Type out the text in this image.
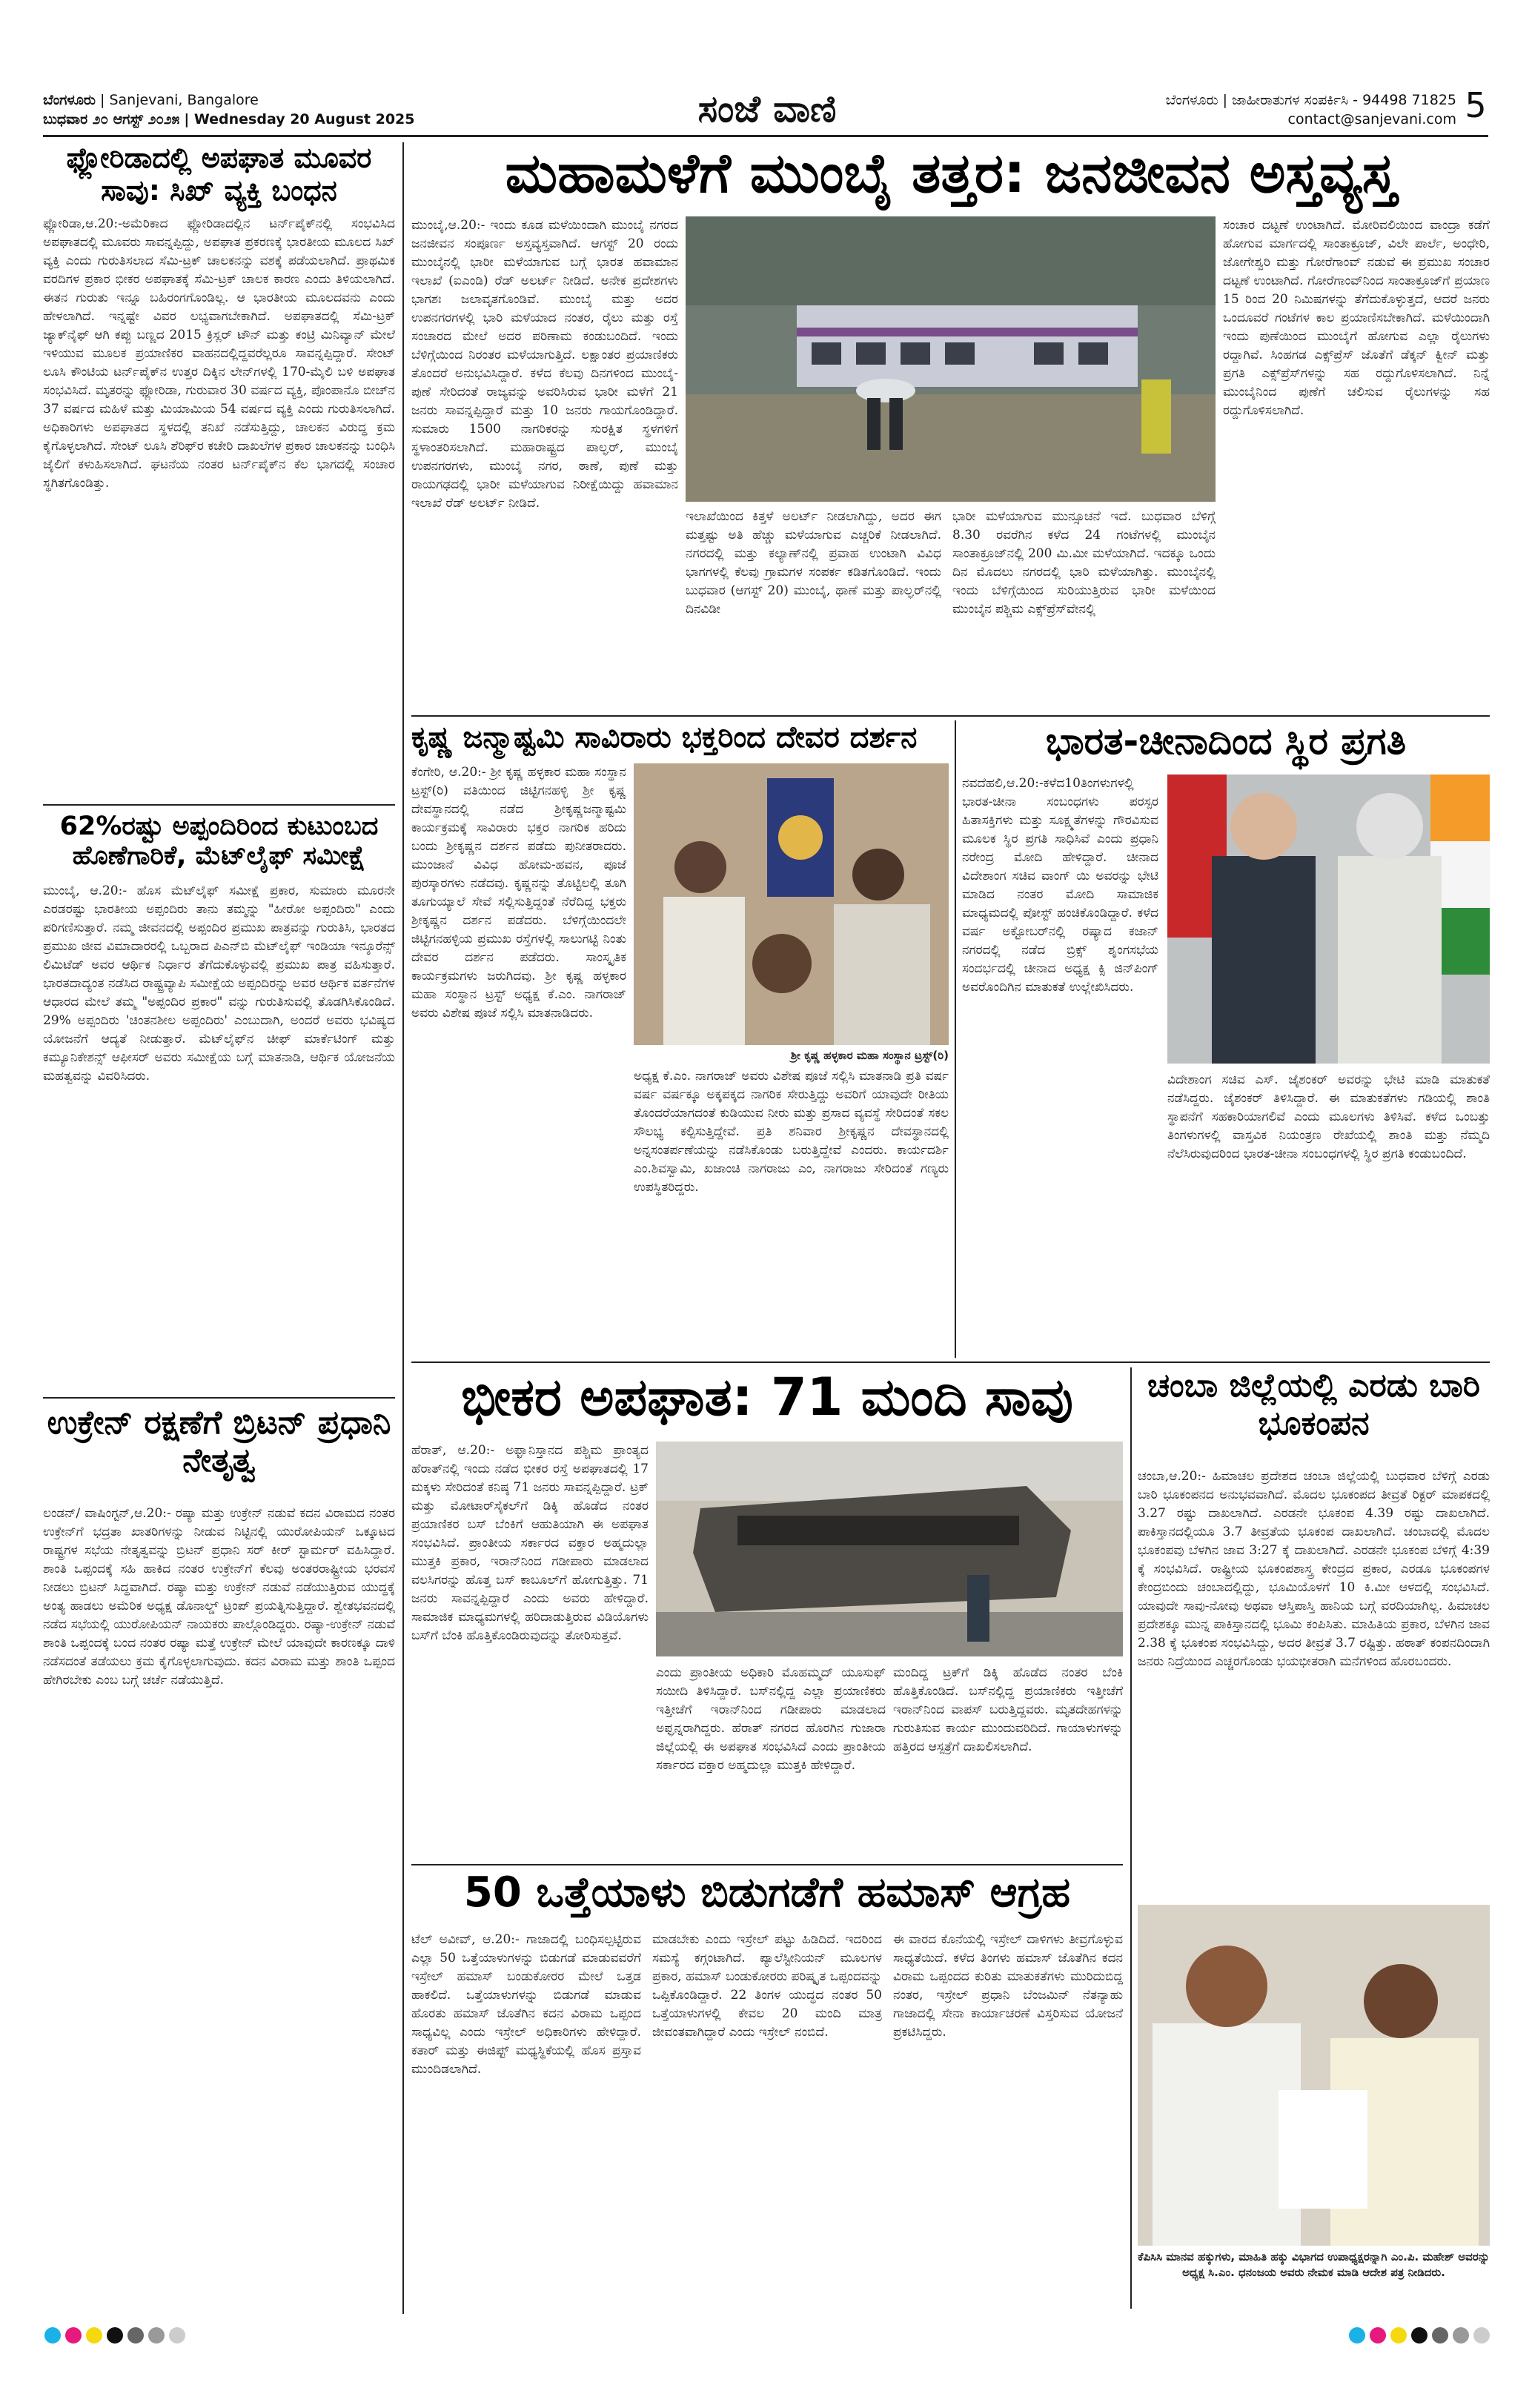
ಬೆಂಗಳೂರು | Sanjevani, Bangalore
ಬುಧವಾರ ೨೦ ಆಗಸ್ಟ್ ೨೦೨೫ | Wednesday 20 August 2025	ಸಂಜೆ ವಾಣಿ	ಬೆಂಗಳೂರು | ಜಾಹೀರಾತುಗಳ ಸಂಪರ್ಕಿಸಿ - 94498 71825
contact@sanjevani.com 5
ಫ್ಲೋರಿಡಾದಲ್ಲಿ ಅಪಘಾತ ಮೂವರ ಸಾವು: ಸಿಖ್ ವ್ಯಕ್ತಿ ಬಂಧನ
ಫ್ಲೋರಿಡಾ,ಆ.20:-ಅಮೆರಿಕಾದ ಫ್ಲೋರಿಡಾದಲ್ಲಿನ ಟರ್ನ್‌ಪೈಕ್‌ನಲ್ಲಿ ಸಂಭವಿಸಿದ ಅಪಘಾತದಲ್ಲಿ ಮೂವರು ಸಾವನ್ನಪ್ಪಿದ್ದು, ಅಪಘಾತ ಪ್ರಕರಣಕ್ಕೆ ಭಾರತೀಯ ಮೂಲದ ಸಿಖ್ ವ್ಯಕ್ತಿ ಎಂದು ಗುರುತಿಸಲಾದ ಸೆಮಿ-ಟ್ರಕ್ ಚಾಲಕನನ್ನು ವಶಕ್ಕೆ ಪಡೆಯಲಾಗಿದೆ. ಪ್ರಾಥಮಿಕ ವರದಿಗಳ ಪ್ರಕಾರ ಭೀಕರ ಅಪಘಾತಕ್ಕೆ ಸೆಮಿ-ಟ್ರಕ್ ಚಾಲಕ ಕಾರಣ ಎಂದು ತಿಳಿಯಲಾಗಿದೆ. ಈತನ ಗುರುತು ಇನ್ನೂ ಬಹಿರಂಗಗೊಂಡಿಲ್ಲ. ಆ ಭಾರತೀಯ ಮೂಲದವನು ಎಂದು ಹೇಳಲಾಗಿದೆ. ಇನ್ನಷ್ಟೇ ವಿವರ ಲಭ್ಯವಾಗಬೇಕಾಗಿದೆ. ಅಪಘಾತದಲ್ಲಿ ಸೆಮಿ-ಟ್ರಕ್ ಜ್ಯಾಕ್‌ನೈಫ್ ಆಗಿ ಕಪ್ಪು ಬಣ್ಣದ 2015 ಕ್ರಿಸ್ಲರ್ ಟೌನ್ ಮತ್ತು ಕಂಟ್ರಿ ಮಿನಿವ್ಯಾನ್ ಮೇಲೆ ಇಳಿಯುವ ಮೂಲಕ ಪ್ರಯಾಣಿಕರ ವಾಹನದಲ್ಲಿದ್ದವರೆಲ್ಲರೂ ಸಾವನ್ನಪ್ಪಿದ್ದಾರೆ. ಸೇಂಟ್ ಲೂಸಿ ಕೌಂಟಿಯ ಟರ್ನ್‌ಪೈಕ್‌ನ ಉತ್ತರ ದಿಕ್ಕಿನ ಲೇನ್‌ಗಳಲ್ಲಿ 170-ಮೈಲಿ ಬಳಿ ಅಪಘಾತ ಸಂಭವಿಸಿದೆ. ಮೃತರನ್ನು ಫ್ಲೋರಿಡಾ, ಗುರುವಾರ 30 ವರ್ಷದ ವ್ಯಕ್ತಿ, ಪೊಂಪಾನೊ ಬೀಚ್‌ನ 37 ವರ್ಷದ ಮಹಿಳೆ ಮತ್ತು ಮಿಯಾಮಿಯ 54 ವರ್ಷದ ವ್ಯಕ್ತಿ ಎಂದು ಗುರುತಿಸಲಾಗಿದೆ. ಅಧಿಕಾರಿಗಳು ಅಪಘಾತದ ಸ್ಥಳದಲ್ಲಿ ತನಿಖೆ ನಡೆಸುತ್ತಿದ್ದು, ಚಾಲಕನ ವಿರುದ್ಧ ಕ್ರಮ ಕೈಗೊಳ್ಳಲಾಗಿದೆ. ಸೇಂಟ್ ಲೂಸಿ ಶೆರಿಫ್‌ರ ಕಚೇರಿ ದಾಖಲೆಗಳ ಪ್ರಕಾರ ಚಾಲಕನನ್ನು ಬಂಧಿಸಿ ಜೈಲಿಗೆ ಕಳುಹಿಸಲಾಗಿದೆ. ಘಟನೆಯ ನಂತರ ಟರ್ನ್‌ಪೈಕ್‌ನ ಕೆಲ ಭಾಗದಲ್ಲಿ ಸಂಚಾರ ಸ್ಥಗಿತಗೊಂಡಿತ್ತು.
62%ರಷ್ಟು ಅಪ್ಪಂದಿರಿಂದ ಕುಟುಂಬದ ಹೊಣೆಗಾರಿಕೆ, ಮೆಟ್‌ಲೈಫ್ ಸಮೀಕ್ಷೆ
ಮುಂಬೈ, ಆ.20:- ಹೊಸ ಮೆಟ್‌ಲೈಫ್ ಸಮೀಕ್ಷೆ ಪ್ರಕಾರ, ಸುಮಾರು ಮೂರನೇ ಎರಡರಷ್ಟು ಭಾರತೀಯ ಅಪ್ಪಂದಿರು ತಾನು ತಮ್ಮನ್ನು "ಹೀರೋ ಅಪ್ಪಂದಿರು" ಎಂದು ಪರಿಗಣಿಸುತ್ತಾರೆ. ನಮ್ಮ ಜೀವನದಲ್ಲಿ ಅಪ್ಪಂದಿರ ಪ್ರಮುಖ ಪಾತ್ರವನ್ನು ಗುರುತಿಸಿ, ಭಾರತದ ಪ್ರಮುಖ ಜೀವ ವಿಮಾದಾರರಲ್ಲಿ ಒಬ್ಬರಾದ ಪಿಎನ್‌ಬಿ ಮೆಟ್‌ಲೈಫ್ ಇಂಡಿಯಾ ಇನ್ಶೂರೆನ್ಸ್ ಲಿಮಿಟೆಡ್ ಅವರ ಆರ್ಥಿಕ ನಿರ್ಧಾರ ತೆಗೆದುಕೊಳ್ಳುವಲ್ಲಿ ಪ್ರಮುಖ ಪಾತ್ರ ವಹಿಸುತ್ತಾರೆ. ಭಾರತದಾದ್ಯಂತ ನಡೆಸಿದ ರಾಷ್ಟ್ರವ್ಯಾಪಿ ಸಮೀಕ್ಷೆಯ ಅಪ್ಪಂದಿರನ್ನು ಅವರ ಆರ್ಥಿಕ ವರ್ತನೆಗಳ ಆಧಾರದ ಮೇಲೆ ತಮ್ಮ "ಅಪ್ಪಂದಿರ ಪ್ರಕಾರ" ವನ್ನು ಗುರುತಿಸುವಲ್ಲಿ ತೊಡಗಿಸಿಕೊಂಡಿದೆ. 29% ಅಪ್ಪಂದಿರು 'ಚಿಂತನಶೀಲ ಅಪ್ಪಂದಿರು' ಎಂಬುದಾಗಿ, ಅಂದರೆ ಅವರು ಭವಿಷ್ಯದ ಯೋಜನೆಗೆ ಆದ್ಯತೆ ನೀಡುತ್ತಾರೆ. ಮೆಟ್‌ಲೈಫ್‌ನ ಚೀಫ್ ಮಾರ್ಕೆಟಿಂಗ್ ಮತ್ತು ಕಮ್ಯೂನಿಕೇಶನ್ಸ್ ಆಫೀಸರ್ ಅವರು ಸಮೀಕ್ಷೆಯ ಬಗ್ಗೆ ಮಾತನಾಡಿ, ಆರ್ಥಿಕ ಯೋಜನೆಯ ಮಹತ್ವವನ್ನು ವಿವರಿಸಿದರು.
ಉಕ್ರೇನ್ ರಕ್ಷಣೆಗೆ ಬ್ರಿಟನ್ ಪ್ರಧಾನಿ ನೇತೃತ್ವ
ಲಂಡನ್/ ವಾಷಿಂಗ್ಟನ್,ಆ.20:- ರಷ್ಯಾ ಮತ್ತು ಉಕ್ರೇನ್ ನಡುವೆ ಕದನ ವಿರಾಮದ ನಂತರ ಉಕ್ರೇನ್‌ಗೆ ಭದ್ರತಾ ಖಾತರಿಗಳನ್ನು ನೀಡುವ ನಿಟ್ಟಿನಲ್ಲಿ ಯುರೋಪಿಯನ್ ಒಕ್ಕೂಟದ ರಾಷ್ಟ್ರಗಳ ಸಭೆಯ ನೇತೃತ್ವವನ್ನು ಬ್ರಿಟನ್ ಪ್ರಧಾನಿ ಸರ್ ಕೀರ್ ಸ್ಟಾರ್ಮರ್ ವಹಿಸಿದ್ದಾರೆ. ಶಾಂತಿ ಒಪ್ಪಂದಕ್ಕೆ ಸಹಿ ಹಾಕಿದ ನಂತರ ಉಕ್ರೇನ್‌ಗೆ ಕೆಲವು ಅಂತರರಾಷ್ಟ್ರೀಯ ಭರವಸೆ ನೀಡಲು ಬ್ರಿಟನ್ ಸಿದ್ಧವಾಗಿದೆ. ರಷ್ಯಾ ಮತ್ತು ಉಕ್ರೇನ್ ನಡುವೆ ನಡೆಯುತ್ತಿರುವ ಯುದ್ಧಕ್ಕೆ ಅಂತ್ಯ ಹಾಡಲು ಅಮೆರಿಕ ಅಧ್ಯಕ್ಷ ಡೊನಾಲ್ಡ್ ಟ್ರಂಪ್ ಪ್ರಯತ್ನಿಸುತ್ತಿದ್ದಾರೆ. ಶ್ವೇತಭವನದಲ್ಲಿ ನಡೆದ ಸಭೆಯಲ್ಲಿ ಯುರೋಪಿಯನ್ ನಾಯಕರು ಪಾಲ್ಗೊಂಡಿದ್ದರು. ರಷ್ಯಾ-ಉಕ್ರೇನ್ ನಡುವೆ ಶಾಂತಿ ಒಪ್ಪಂದಕ್ಕೆ ಬಂದ ನಂತರ ರಷ್ಯಾ ಮತ್ತೆ ಉಕ್ರೇನ್ ಮೇಲೆ ಯಾವುದೇ ಕಾರಣಕ್ಕೂ ದಾಳಿ ನಡೆಸದಂತೆ ತಡೆಯಲು ಕ್ರಮ ಕೈಗೊಳ್ಳಲಾಗುವುದು. ಕದನ ವಿರಾಮ ಮತ್ತು ಶಾಂತಿ ಒಪ್ಪಂದ ಹೇಗಿರಬೇಕು ಎಂಬ ಬಗ್ಗೆ ಚರ್ಚೆ ನಡೆಯುತ್ತಿದೆ.
ಮಹಾಮಳೆಗೆ ಮುಂಬೈ ತತ್ತರ: ಜನಜೀವನ ಅಸ್ತವ್ಯಸ್ತ
ಮುಂಬೈ,ಆ.20:- ಇಂದು ಕೂಡ ಮಳೆಯಿಂದಾಗಿ ಮುಂಬೈ ನಗರದ ಜನಜೀವನ ಸಂಪೂರ್ಣ ಅಸ್ತವ್ಯಸ್ತವಾಗಿದೆ. ಆಗಸ್ಟ್ 20 ರಂದು ಮುಂಬೈನಲ್ಲಿ ಭಾರೀ ಮಳೆಯಾಗುವ ಬಗ್ಗೆ ಭಾರತ ಹವಾಮಾನ ಇಲಾಖೆ (ಐಎಂಡಿ) ರೆಡ್ ಅಲರ್ಟ್ ನೀಡಿದೆ. ಅನೇಕ ಪ್ರದೇಶಗಳು ಭಾಗಶಃ ಜಲಾವೃತಗೊಂಡಿವೆ. ಮುಂಬೈ ಮತ್ತು ಅದರ ಉಪನಗರಗಳಲ್ಲಿ ಭಾರಿ ಮಳೆಯಾದ ನಂತರ, ರೈಲು ಮತ್ತು ರಸ್ತೆ ಸಂಚಾರದ ಮೇಲೆ ಅದರ ಪರಿಣಾಮ ಕಂಡುಬಂದಿದೆ. ಇಂದು ಬೆಳಿಗ್ಗೆಯಿಂದ ನಿರಂತರ ಮಳೆಯಾಗುತ್ತಿದೆ. ಲಕ್ಷಾಂತರ ಪ್ರಯಾಣಿಕರು ತೊಂದರೆ ಅನುಭವಿಸಿದ್ದಾರೆ. ಕಳೆದ ಕೆಲವು ದಿನಗಳಿಂದ ಮುಂಬೈ-ಪುಣೆ ಸೇರಿದಂತೆ ರಾಜ್ಯವನ್ನು ಅವರಿಸಿರುವ ಭಾರೀ ಮಳೆಗೆ 21 ಜನರು ಸಾವನ್ನಪ್ಪಿದ್ದಾರೆ ಮತ್ತು 10 ಜನರು ಗಾಯಗೊಂಡಿದ್ದಾರೆ. ಸುಮಾರು 1500 ನಾಗರಿಕರನ್ನು ಸುರಕ್ಷಿತ ಸ್ಥಳಗಳಿಗೆ ಸ್ಥಳಾಂತರಿಸಲಾಗಿದೆ. ಮಹಾರಾಷ್ಟ್ರದ ಪಾಲ್ಘರ್, ಮುಂಬೈ ಉಪನಗರಗಳು, ಮುಂಬೈ ನಗರ, ಠಾಣೆ, ಪುಣೆ ಮತ್ತು ರಾಯಗಢದಲ್ಲಿ ಭಾರೀ ಮಳೆಯಾಗುವ ನಿರೀಕ್ಷೆಯಿದ್ದು ಹವಾಮಾನ ಇಲಾಖೆ ರೆಡ್ ಅಲರ್ಟ್ ನೀಡಿದೆ.
ಇಲಾಖೆಯಿಂದ ಕಿತ್ತಳೆ ಅಲರ್ಟ್ ನೀಡಲಾಗಿದ್ದು, ಅದರ ಈಗ ಮತ್ತಷ್ಟು ಅತಿ ಹೆಚ್ಚು ಮಳೆಯಾಗುವ ಎಚ್ಚರಿಕೆ ನೀಡಲಾಗಿದೆ. ನಗರದಲ್ಲಿ ಮತ್ತು ಕಲ್ಯಾಣ್‌ನಲ್ಲಿ ಪ್ರವಾಹ ಉಂಟಾಗಿ ವಿವಿಧ ಭಾಗಗಳಲ್ಲಿ ಕೆಲವು ಗ್ರಾಮಗಳ ಸಂಪರ್ಕ ಕಡಿತಗೊಂಡಿದೆ. ಇಂದು ಬುಧವಾರ (ಆಗಸ್ಟ್ 20) ಮುಂಬೈ, ಥಾಣೆ ಮತ್ತು ಪಾಲ್ಘರ್‌ನಲ್ಲಿ ದಿನವಿಡೀ
ಭಾರೀ ಮಳೆಯಾಗುವ ಮುನ್ಸೂಚನೆ ಇದೆ. ಬುಧವಾರ ಬೆಳಿಗ್ಗೆ 8.30 ರವರೆಗಿನ ಕಳೆದ 24 ಗಂಟೆಗಳಲ್ಲಿ ಮುಂಬೈನ ಸಾಂತಾಕ್ರೂಜ್‌ನಲ್ಲಿ 200 ಮಿ.ಮೀ ಮಳೆಯಾಗಿದೆ. ಇದಕ್ಕೂ ಒಂದು ದಿನ ಮೊದಲು ನಗರದಲ್ಲಿ ಭಾರಿ ಮಳೆಯಾಗಿತ್ತು. ಮುಂಬೈನಲ್ಲಿ ಇಂದು ಬೆಳಿಗ್ಗೆಯಿಂದ ಸುರಿಯುತ್ತಿರುವ ಭಾರೀ ಮಳೆಯಿಂದ ಮುಂಬೈನ ಪಶ್ಚಿಮ ಎಕ್ಸ್‌ಪ್ರೆಸ್‌ವೇನಲ್ಲಿ
ಸಂಚಾರ ದಟ್ಟಣೆ ಉಂಟಾಗಿದೆ. ಮೋರಿವಲಿಯಿಂದ ವಾಂದ್ರಾ ಕಡೆಗೆ ಹೋಗುವ ಮಾರ್ಗದಲ್ಲಿ ಸಾಂತಾಕ್ರೂಜ್, ವಿಲೇ ಪಾರ್ಲೆ, ಅಂಧೇರಿ, ಜೋಗೇಶ್ವರಿ ಮತ್ತು ಗೋರೆಗಾಂವ್ ನಡುವೆ ಈ ಪ್ರಮುಖ ಸಂಚಾರ ದಟ್ಟಣೆ ಉಂಟಾಗಿದೆ. ಗೋರೆಗಾಂವ್‌ನಿಂದ ಸಾಂತಾಕ್ರೂಜ್‌ಗೆ ಪ್ರಯಾಣ 15 ರಿಂದ 20 ನಿಮಿಷಗಳನ್ನು ತೆಗೆದುಕೊಳ್ಳುತ್ತದೆ, ಆದರೆ ಜನರು ಒಂದೂವರೆ ಗಂಟೆಗಳ ಕಾಲ ಪ್ರಯಾಣಿಸಬೇಕಾಗಿದೆ. ಮಳೆಯಿಂದಾಗಿ ಇಂದು ಪುಣೆಯಿಂದ ಮುಂಬೈಗೆ ಹೋಗುವ ಎಲ್ಲಾ ರೈಲುಗಳು ರದ್ದಾಗಿವೆ. ಸಿಂಹಗಡ ಎಕ್ಸ್‌ಪ್ರೆಸ್ ಜೊತೆಗೆ ಡೆಕ್ಕನ್ ಕ್ವೀನ್ ಮತ್ತು ಪ್ರಗತಿ ಎಕ್ಸ್‌ಪ್ರೆಸ್‌ಗಳನ್ನು ಸಹ ರದ್ದುಗೊಳಿಸಲಾಗಿದೆ. ನಿನ್ನೆ ಮುಂಬೈನಿಂದ ಪುಣೆಗೆ ಚಲಿಸುವ ರೈಲುಗಳನ್ನು ಸಹ ರದ್ದುಗೊಳಿಸಲಾಗಿದೆ.
ಕೃಷ್ಣ ಜನ್ಮಾಷ್ಟಮಿ ಸಾವಿರಾರು ಭಕ್ತರಿಂದ ದೇವರ ದರ್ಶನ
ಕೆಂಗೇರಿ, ಆ.20:- ಶ್ರೀ ಕೃಷ್ಣ ಹಳ್ಳಕಾರ ಮಹಾ ಸಂಸ್ಥಾನ ಟ್ರಸ್ಟ್(ರಿ) ವತಿಯಿಂದ ಜಿಟ್ಟಿಗನಹಳ್ಳಿ ಶ್ರೀ ಕೃಷ್ಣ ದೇವಸ್ಥಾನದಲ್ಲಿ ನಡೆದ ಶ್ರೀಕೃಷ್ಣಜನ್ಮಾಷ್ಟಮಿ ಕಾರ್ಯಕ್ರಮಕ್ಕೆ ಸಾವಿರಾರು ಭಕ್ತರ ನಾಗರಿಕ ಹರಿದು ಬಂದು ಶ್ರೀಕೃಷ್ಣನ ದರ್ಶನ ಪಡೆದು ಪುನೀತರಾದರು. ಮುಂಜಾನೆ ವಿವಿಧ ಹೋಮ-ಹವನ, ಪೂಜೆ ಪುರಸ್ಕಾರಗಳು ನಡೆದವು. ಕೃಷ್ಣನನ್ನು ತೊಟ್ಟಿಲಲ್ಲಿ ತೂಗಿ ತೂಗುಯ್ಯಾಲೆ ಸೇವೆ ಸಲ್ಲಿಸುತ್ತಿದ್ದಂತೆ ನೆರೆದಿದ್ದ ಭಕ್ತರು ಶ್ರೀಕೃಷ್ಣನ ದರ್ಶನ ಪಡೆದರು. ಬೆಳಿಗ್ಗೆಯಿಂದಲೇ ಜಿಟ್ಟಿಗನಹಳ್ಳಿಯ ಪ್ರಮುಖ ರಸ್ತೆಗಳಲ್ಲಿ ಸಾಲುಗಟ್ಟಿ ನಿಂತು ದೇವರ ದರ್ಶನ ಪಡೆದರು. ಸಾಂಸ್ಕೃತಿಕ ಕಾರ್ಯಕ್ರಮಗಳು ಜರುಗಿದವು. ಶ್ರೀ ಕೃಷ್ಣ ಹಳ್ಳಕಾರ ಮಹಾ ಸಂಸ್ಥಾನ ಟ್ರಸ್ಟ್ ಅಧ್ಯಕ್ಷ ಕೆ.ಎಂ. ನಾಗರಾಜ್ ಅವರು ವಿಶೇಷ ಪೂಜೆ ಸಲ್ಲಿಸಿ ಮಾತನಾಡಿದರು.
ಶ್ರೀ ಕೃಷ್ಣ ಹಳ್ಳಕಾರ ಮಹಾ ಸಂಸ್ಥಾನ ಟ್ರಸ್ಟ್(ರಿ)
ಅಧ್ಯಕ್ಷ ಕೆ.ಎಂ. ನಾಗರಾಜ್ ಅವರು ವಿಶೇಷ ಪೂಜೆ ಸಲ್ಲಿಸಿ ಮಾತನಾಡಿ ಪ್ರತಿ ವರ್ಷ ವರ್ಷ ವರ್ಷಕ್ಕೂ ಅಕ್ಕಪಕ್ಕದ ನಾಗರಿಕ ಸೇರುತ್ತಿದ್ದು ಅವರಿಗೆ ಯಾವುದೇ ರೀತಿಯ ತೊಂದರೆಯಾಗದಂತೆ ಕುಡಿಯುವ ನೀರು ಮತ್ತು ಪ್ರಸಾದ ವ್ಯವಸ್ಥೆ ಸೇರಿದಂತೆ ಸಕಲ ಸೌಲಭ್ಯ ಕಲ್ಪಿಸುತ್ತಿದ್ದೇವೆ. ಪ್ರತಿ ಶನಿವಾರ ಶ್ರೀಕೃಷ್ಣನ ದೇವಸ್ಥಾನದಲ್ಲಿ ಅನ್ನಸಂತರ್ಪಣೆಯನ್ನು ನಡೆಸಿಕೊಂಡು ಬರುತ್ತಿದ್ದೇವೆ ಎಂದರು. ಕಾರ್ಯದರ್ಶಿ ಎಂ.ಶಿವಸ್ವಾಮಿ, ಖಜಾಂಚಿ ನಾಗರಾಜು ಎಂ, ನಾಗರಾಜು ಸೇರಿದಂತೆ ಗಣ್ಯರು ಉಪಸ್ಥಿತರಿದ್ದರು.
ಭಾರತ-ಚೀನಾದಿಂದ ಸ್ಥಿರ ಪ್ರಗತಿ
ನವದೆಹಲಿ,ಆ.20:-ಕಳೆದ10ತಿಂಗಳುಗಳಲ್ಲಿ ಭಾರತ-ಚೀನಾ ಸಂಬಂಧಗಳು ಪರಸ್ಪರ ಹಿತಾಸಕ್ತಿಗಳು ಮತ್ತು ಸೂಕ್ಷ್ಮತೆಗಳನ್ನು ಗೌರವಿಸುವ ಮೂಲಕ ಸ್ಥಿರ ಪ್ರಗತಿ ಸಾಧಿಸಿವೆ ಎಂದು ಪ್ರಧಾನಿ ನರೇಂದ್ರ ಮೋದಿ ಹೇಳಿದ್ದಾರೆ. ಚೀನಾದ ವಿದೇಶಾಂಗ ಸಚಿವ ವಾಂಗ್ ಯಿ ಅವರನ್ನು ಭೇಟಿ ಮಾಡಿದ ನಂತರ ಮೋದಿ ಸಾಮಾಜಿಕ ಮಾಧ್ಯಮದಲ್ಲಿ ಪೋಸ್ಟ್ ಹಂಚಿಕೊಂಡಿದ್ದಾರೆ. ಕಳೆದ ವರ್ಷ ಅಕ್ಟೋಬರ್‌ನಲ್ಲಿ ರಷ್ಯಾದ ಕಜಾನ್ ನಗರದಲ್ಲಿ ನಡೆದ ಬ್ರಿಕ್ಸ್ ಶೃಂಗಸಭೆಯ ಸಂದರ್ಭದಲ್ಲಿ ಚೀನಾದ ಅಧ್ಯಕ್ಷ ಕ್ಸಿ ಜಿನ್‌ಪಿಂಗ್ ಅವರೊಂದಿಗಿನ ಮಾತುಕತೆ ಉಲ್ಲೇಖಿಸಿದರು.
ವಿದೇಶಾಂಗ ಸಚಿವ ಎಸ್. ಜೈಶಂಕರ್ ಅವರನ್ನು ಭೇಟಿ ಮಾಡಿ ಮಾತುಕತೆ ನಡೆಸಿದ್ದರು. ಜೈಶಂಕರ್ ತಿಳಿಸಿದ್ದಾರೆ. ಈ ಮಾತುಕತೆಗಳು ಗಡಿಯಲ್ಲಿ ಶಾಂತಿ ಸ್ಥಾಪನೆಗೆ ಸಹಕಾರಿಯಾಗಲಿವೆ ಎಂದು ಮೂಲಗಳು ತಿಳಿಸಿವೆ. ಕಳೆದ ಒಂಬತ್ತು ತಿಂಗಳುಗಳಲ್ಲಿ ವಾಸ್ತವಿಕ ನಿಯಂತ್ರಣ ರೇಖೆಯಲ್ಲಿ ಶಾಂತಿ ಮತ್ತು ನೆಮ್ಮದಿ ನೆಲೆಸಿರುವುದರಿಂದ ಭಾರತ-ಚೀನಾ ಸಂಬಂಧಗಳಲ್ಲಿ ಸ್ಥಿರ ಪ್ರಗತಿ ಕಂಡುಬಂದಿದೆ.
ಭೀಕರ ಅಪಘಾತ: 71 ಮಂದಿ ಸಾವು
ಹೆರಾತ್, ಆ.20:- ಅಫ್ಘಾನಿಸ್ತಾನದ ಪಶ್ಚಿಮ ಪ್ರಾಂತ್ಯದ ಹೆರಾತ್‌ನಲ್ಲಿ ಇಂದು ನಡೆದ ಭೀಕರ ರಸ್ತೆ ಅಪಘಾತದಲ್ಲಿ 17 ಮಕ್ಕಳು ಸೇರಿದಂತೆ ಕನಿಷ್ಠ 71 ಜನರು ಸಾವನ್ನಪ್ಪಿದ್ದಾರೆ. ಟ್ರಕ್ ಮತ್ತು ಮೋಟಾರ್‌ಸೈಕಲ್‌ಗೆ ಡಿಕ್ಕಿ ಹೊಡೆದ ನಂತರ ಪ್ರಯಾಣಿಕರ ಬಸ್ ಬೆಂಕಿಗೆ ಆಹುತಿಯಾಗಿ ಈ ಅಪಘಾತ ಸಂಭವಿಸಿದೆ. ಪ್ರಾಂತೀಯ ಸರ್ಕಾರದ ವಕ್ತಾರ ಅಹ್ಮದುಲ್ಲಾ ಮುತ್ತಕಿ ಪ್ರಕಾರ, ಇರಾನ್‌ನಿಂದ ಗಡೀಪಾರು ಮಾಡಲಾದ ವಲಸಿಗರನ್ನು ಹೊತ್ತ ಬಸ್ ಕಾಬೂಲ್‌ಗೆ ಹೋಗುತ್ತಿತ್ತು. 71 ಜನರು ಸಾವನ್ನಪ್ಪಿದ್ದಾರೆ ಎಂದು ಅವರು ಹೇಳಿದ್ದಾರೆ. ಸಾಮಾಜಿಕ ಮಾಧ್ಯಮಗಳಲ್ಲಿ ಹರಿದಾಡುತ್ತಿರುವ ವಿಡಿಯೊಗಳು ಬಸ್‌ಗೆ ಬೆಂಕಿ ಹೊತ್ತಿಕೊಂಡಿರುವುದನ್ನು ತೋರಿಸುತ್ತವೆ.
ಎಂದು ಪ್ರಾಂತೀಯ ಅಧಿಕಾರಿ ಮೊಹಮ್ಮದ್ ಯೂಸುಫ್ ಸಯೀದಿ ತಿಳಿಸಿದ್ದಾರೆ. ಬಸ್‌ನಲ್ಲಿದ್ದ ಎಲ್ಲಾ ಪ್ರಯಾಣಿಕರು ಇತ್ತೀಚೆಗೆ ಇರಾನ್‌ನಿಂದ ಗಡೀಪಾರು ಮಾಡಲಾದ ಅಫ್ಘನ್ನರಾಗಿದ್ದರು. ಹೆರಾತ್ ನಗರದ ಹೊರಗಿನ ಗುಜಾರಾ ಜಿಲ್ಲೆಯಲ್ಲಿ ಈ ಅಪಘಾತ ಸಂಭವಿಸಿದೆ ಎಂದು ಪ್ರಾಂತೀಯ ಸರ್ಕಾರದ ವಕ್ತಾರ ಅಹ್ಮದುಲ್ಲಾ ಮುತ್ತಕಿ ಹೇಳಿದ್ದಾರೆ.
ಮಂದಿದ್ದ ಟ್ರಕ್‌ಗೆ ಡಿಕ್ಕಿ ಹೊಡೆದ ನಂತರ ಬೆಂಕಿ ಹೊತ್ತಿಕೊಂಡಿದೆ. ಬಸ್‌ನಲ್ಲಿದ್ದ ಪ್ರಯಾಣಿಕರು ಇತ್ತೀಚೆಗೆ ಇರಾನ್‌ನಿಂದ ವಾಪಸ್ ಬರುತ್ತಿದ್ದವರು. ಮೃತದೇಹಗಳನ್ನು ಗುರುತಿಸುವ ಕಾರ್ಯ ಮುಂದುವರಿದಿದೆ. ಗಾಯಾಳುಗಳನ್ನು ಹತ್ತಿರದ ಆಸ್ಪತ್ರೆಗೆ ದಾಖಲಿಸಲಾಗಿದೆ.
ಚಂಬಾ ಜಿಲ್ಲೆಯಲ್ಲಿ ಎರಡು ಬಾರಿ ಭೂಕಂಪನ
ಚಂಬಾ,ಆ.20:- ಹಿಮಾಚಲ ಪ್ರದೇಶದ ಚಂಬಾ ಜಿಲ್ಲೆಯಲ್ಲಿ ಬುಧವಾರ ಬೆಳಿಗ್ಗೆ ಎರಡು ಬಾರಿ ಭೂಕಂಪನದ ಅನುಭವವಾಗಿದೆ. ಮೊದಲ ಭೂಕಂಪದ ತೀವ್ರತೆ ರಿಕ್ಟರ್ ಮಾಪಕದಲ್ಲಿ 3.27 ರಷ್ಟು ದಾಖಲಾಗಿದೆ. ಎರಡನೇ ಭೂಕಂಪ 4.39 ರಷ್ಟು ದಾಖಲಾಗಿದೆ. ಪಾಕಿಸ್ತಾನದಲ್ಲಿಯೂ 3.7 ತೀವ್ರತೆಯ ಭೂಕಂಪ ದಾಖಲಾಗಿದೆ. ಚಂಬಾದಲ್ಲಿ ಮೊದಲ ಭೂಕಂಪವು ಬೆಳಗಿನ ಜಾವ 3:27 ಕ್ಕೆ ದಾಖಲಾಗಿದೆ. ಎರಡನೇ ಭೂಕಂಪ ಬೆಳಿಗ್ಗೆ 4:39 ಕ್ಕೆ ಸಂಭವಿಸಿದೆ. ರಾಷ್ಟ್ರೀಯ ಭೂಕಂಪಶಾಸ್ತ್ರ ಕೇಂದ್ರದ ಪ್ರಕಾರ, ಎರಡೂ ಭೂಕಂಪಗಳ ಕೇಂದ್ರಬಿಂದು ಚಂಬಾದಲ್ಲಿದ್ದು, ಭೂಮಿಯೊಳಗೆ 10 ಕಿ.ಮೀ ಆಳದಲ್ಲಿ ಸಂಭವಿಸಿದೆ. ಯಾವುದೇ ಸಾವು-ನೋವು ಅಥವಾ ಆಸ್ತಿಪಾಸ್ತಿ ಹಾನಿಯ ಬಗ್ಗೆ ವರದಿಯಾಗಿಲ್ಲ. ಹಿಮಾಚಲ ಪ್ರದೇಶಕ್ಕೂ ಮುನ್ನ ಪಾಕಿಸ್ತಾನದಲ್ಲಿ ಭೂಮಿ ಕಂಪಿಸಿತು. ಮಾಹಿತಿಯ ಪ್ರಕಾರ, ಬೆಳಗಿನ ಜಾವ 2.38 ಕ್ಕೆ ಭೂಕಂಪ ಸಂಭವಿಸಿದ್ದು, ಅದರ ತೀವ್ರತೆ 3.7 ರಷ್ಟಿತ್ತು. ಹಠಾತ್ ಕಂಪನದಿಂದಾಗಿ ಜನರು ನಿದ್ರೆಯಿಂದ ಎಚ್ಚರಗೊಂಡು ಭಯಭೀತರಾಗಿ ಮನೆಗಳಿಂದ ಹೊರಬಂದರು.
ಕೆಪಿಸಿಸಿ ಮಾನವ ಹಕ್ಕುಗಳು, ಮಾಹಿತಿ ಹಕ್ಕು ವಿಭಾಗದ ಉಪಾಧ್ಯಕ್ಷರನ್ನಾಗಿ ಎಂ.ಪಿ. ಮಹೇಶ್ ಅವರನ್ನು ಅಧ್ಯಕ್ಷ ಸಿ.ಎಂ. ಧನಂಜಯ ಅವರು ನೇಮಕ ಮಾಡಿ ಆದೇಶ ಪತ್ರ ನೀಡಿದರು.
50 ಒತ್ತೆಯಾಳು ಬಿಡುಗಡೆಗೆ ಹಮಾಸ್ ಆಗ್ರಹ
ಟೆಲ್ ಅವೀವ್, ಆ.20:- ಗಾಜಾದಲ್ಲಿ ಬಂಧಿಸಲ್ಪಟ್ಟಿರುವ ಎಲ್ಲಾ 50 ಒತ್ತೆಯಾಳುಗಳನ್ನು ಬಿಡುಗಡೆ ಮಾಡುವವರೆಗೆ ಇಸ್ರೇಲ್ ಹಮಾಸ್ ಬಂಡುಕೋರರ ಮೇಲೆ ಒತ್ತಡ ಹಾಕಲಿದೆ. ಒತ್ತೆಯಾಳುಗಳನ್ನು ಬಿಡುಗಡೆ ಮಾಡುವ ಹೊರತು ಹಮಾಸ್ ಜೊತೆಗಿನ ಕದನ ವಿರಾಮ ಒಪ್ಪಂದ ಸಾಧ್ಯವಿಲ್ಲ ಎಂದು ಇಸ್ರೇಲ್ ಅಧಿಕಾರಿಗಳು ಹೇಳಿದ್ದಾರೆ. ಕತಾರ್ ಮತ್ತು ಈಜಿಪ್ಟ್ ಮಧ್ಯಸ್ಥಿಕೆಯಲ್ಲಿ ಹೊಸ ಪ್ರಸ್ತಾವ ಮುಂದಿಡಲಾಗಿದೆ.
ಮಾಡಬೇಕು ಎಂದು ಇಸ್ರೇಲ್ ಪಟ್ಟು ಹಿಡಿದಿದೆ. ಇದರಿಂದ ಸಮಸ್ಯೆ ಕಗ್ಗಂಟಾಗಿದೆ. ಪ್ಯಾಲೆಸ್ಟೀನಿಯನ್ ಮೂಲಗಳ ಪ್ರಕಾರ, ಹಮಾಸ್ ಬಂಡುಕೋರರು ಪರಿಷ್ಕೃತ ಒಪ್ಪಂದವನ್ನು ಒಪ್ಪಿಕೊಂಡಿದ್ದಾರೆ. 22 ತಿಂಗಳ ಯುದ್ಧದ ನಂತರ 50 ಒತ್ತೆಯಾಳುಗಳಲ್ಲಿ ಕೇವಲ 20 ಮಂದಿ ಮಾತ್ರ ಜೀವಂತವಾಗಿದ್ದಾರೆ ಎಂದು ಇಸ್ರೇಲ್ ನಂಬಿದೆ.
ಈ ವಾರದ ಕೊನೆಯಲ್ಲಿ ಇಸ್ರೇಲ್ ದಾಳಿಗಳು ತೀವ್ರಗೊಳ್ಳುವ ಸಾಧ್ಯತೆಯಿದೆ. ಕಳೆದ ತಿಂಗಳು ಹಮಾಸ್ ಜೊತೆಗಿನ ಕದನ ವಿರಾಮ ಒಪ್ಪಂದದ ಕುರಿತು ಮಾತುಕತೆಗಳು ಮುರಿದುಬಿದ್ದ ನಂತರ, ಇಸ್ರೇಲ್ ಪ್ರಧಾನಿ ಬೆಂಜಮಿನ್ ನೆತನ್ಯಾಹು ಗಾಜಾದಲ್ಲಿ ಸೇನಾ ಕಾರ್ಯಾಚರಣೆ ವಿಸ್ತರಿಸುವ ಯೋಜನೆ ಪ್ರಕಟಿಸಿದ್ದರು.
